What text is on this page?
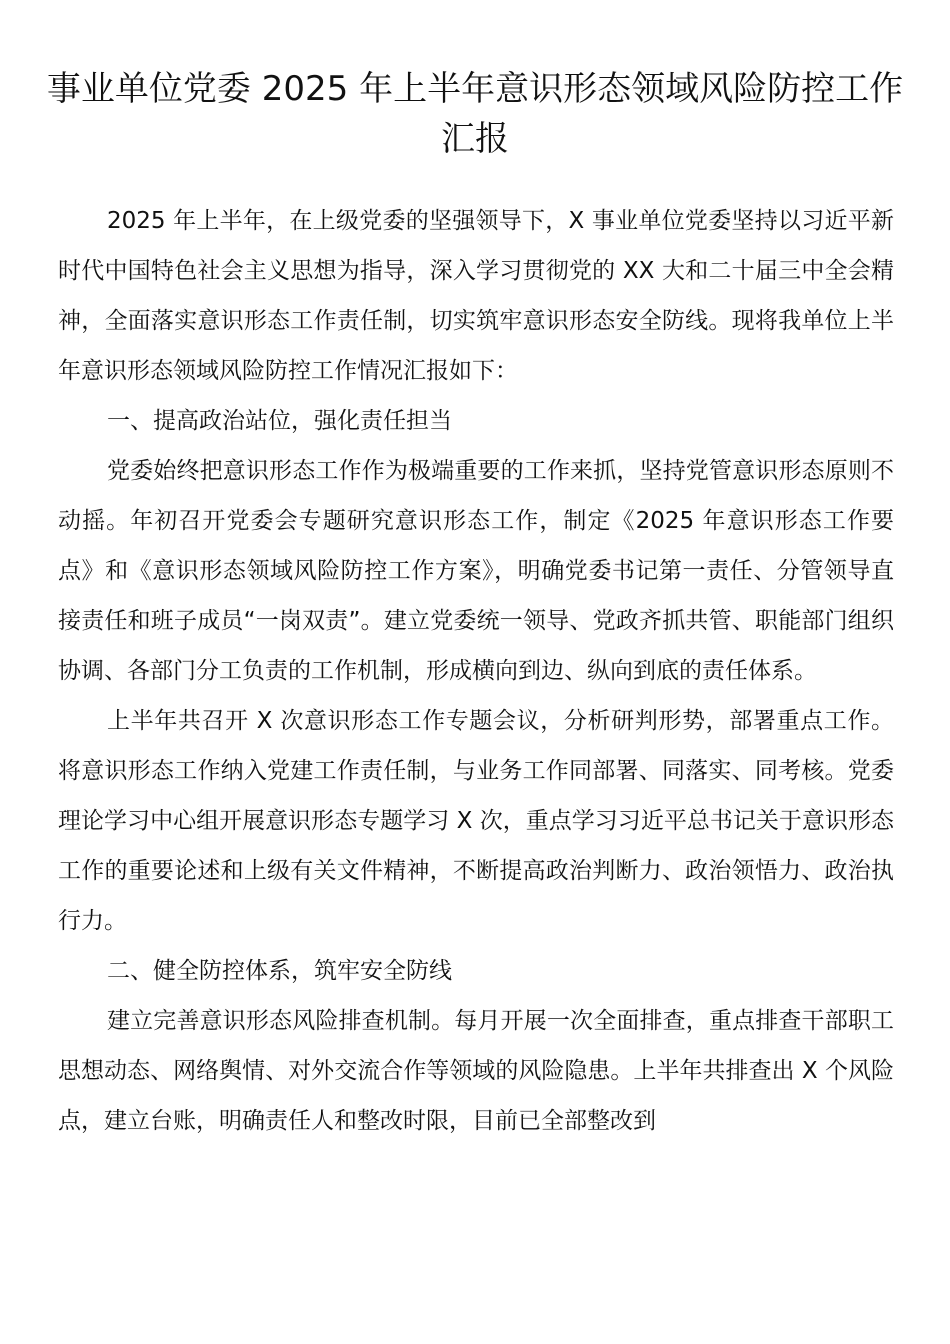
事业单位党委 2025 年上半年意识形态领域风险防控工作汇报

2025 年上半年，在上级党委的坚强领导下，X 事业单位党委坚持以习近平新时代中国特色社会主义思想为指导，深入学习贯彻党的 XX 大和二十届三中全会精神，全面落实意识形态工作责任制，切实筑牢意识形态安全防线。现将我单位上半年意识形态领域风险防控工作情况汇报如下：

一、提高政治站位，强化责任担当

党委始终把意识形态工作作为极端重要的工作来抓，坚持党管意识形态原则不动摇。年初召开党委会专题研究意识形态工作，制定《2025 年意识形态工作要点》和《意识形态领域风险防控工作方案》，明确党委书记第一责任、分管领导直接责任和班子成员“一岗双责”。建立党委统一领导、党政齐抓共管、职能部门组织协调、各部门分工负责的工作机制，形成横向到边、纵向到底的责任体系。

上半年共召开 X 次意识形态工作专题会议，分析研判形势，部署重点工作。将意识形态工作纳入党建工作责任制，与业务工作同部署、同落实、同考核。党委理论学习中心组开展意识形态专题学习 X 次，重点学习习近平总书记关于意识形态工作的重要论述和上级有关文件精神，不断提高政治判断力、政治领悟力、政治执行力。

二、健全防控体系，筑牢安全防线

建立完善意识形态风险排查机制。每月开展一次全面排查，重点排查干部职工思想动态、网络舆情、对外交流合作等领域的风险隐患。上半年共排查出 X 个风险点，建立台账，明确责任人和整改时限，目前已全部整改到
